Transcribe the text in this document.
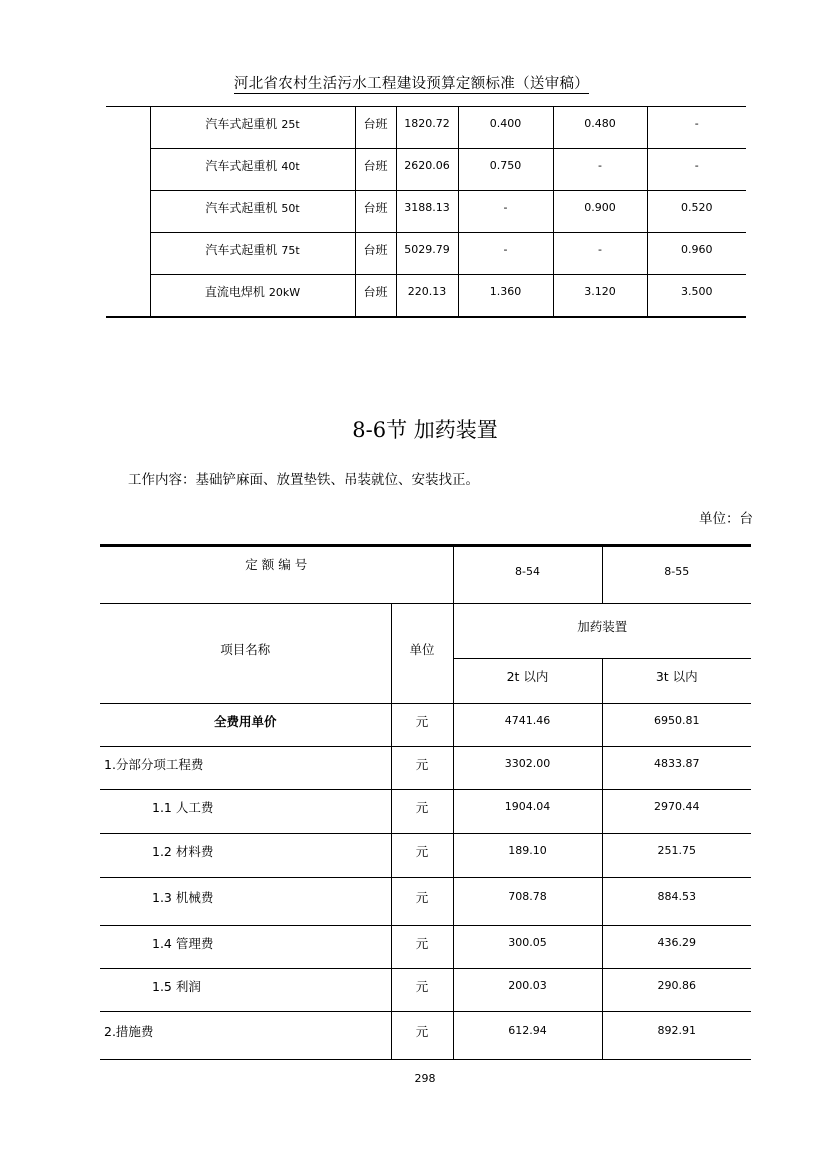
河北省农村生活污水工程建设预算定额标准（送审稿）
	汽车式起重机 25t	台班	1820.72	0.400	0.480	-
	汽车式起重机 40t	台班	2620.06	0.750	-	-
	汽车式起重机 50t	台班	3188.13	-	0.900	0.520
	汽车式起重机 75t	台班	5029.79	-	-	0.960
	直流电焊机 20kW	台班	220.13	1.360	3.120	3.500
8-6节 加药装置
工作内容：基础铲麻面、放置垫铁、吊装就位、安装找正。
单位：台
定 额 编 号		8-54	8-55
项目名称	单位	加药装置	
		2t 以内	3t 以内
全费用单价	元	4741.46	6950.81
1.分部分项工程费	元	3302.00	4833.87
1.1 人工费	元	1904.04	2970.44
1.2 材料费	元	189.10	251.75
1.3 机械费	元	708.78	884.53
1.4 管理费	元	300.05	436.29
1.5 利润	元	200.03	290.86
2.措施费	元	612.94	892.91
298
